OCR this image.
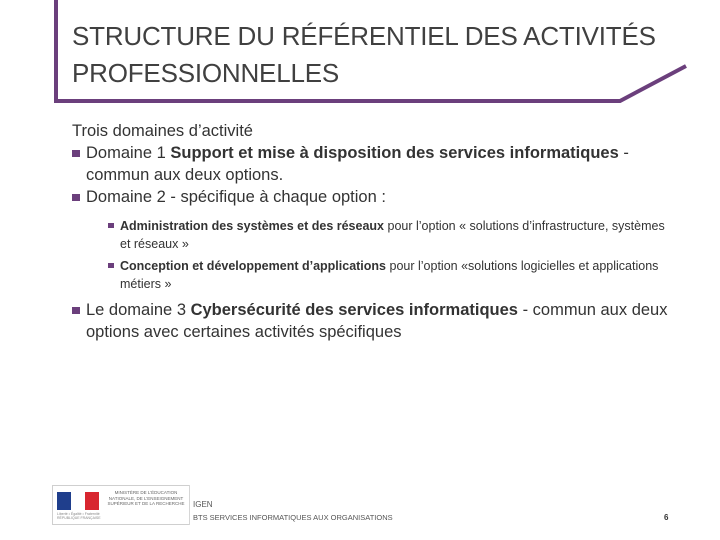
STRUCTURE DU RÉFÉRENTIEL DES ACTIVITÉS PROFESSIONNELLES
Trois domaines d’activité
Domaine 1 Support et mise à disposition des services informatiques - commun aux deux options.
Domaine 2 - spécifique à chaque option :
Administration des systèmes et des réseaux pour l’option « solutions d’infrastructure, systèmes et réseaux »
Conception et développement d’applications pour l’option «solutions logicielles et applications métiers »
Le domaine 3 Cybersécurité des services informatiques - commun aux deux options avec certaines activités spécifiques
Liberté • Égalité • Fraternité RÉPUBLIQUE FRANÇAISE
MINISTÈRE DE L’ÉDUCATION NATIONALE, DE L’ENSEIGNEMENT SUPÉRIEUR ET DE LA RECHERCHE IGEN
BTS SERVICES INFORMATIQUES AUX ORGANISATIONS	6
